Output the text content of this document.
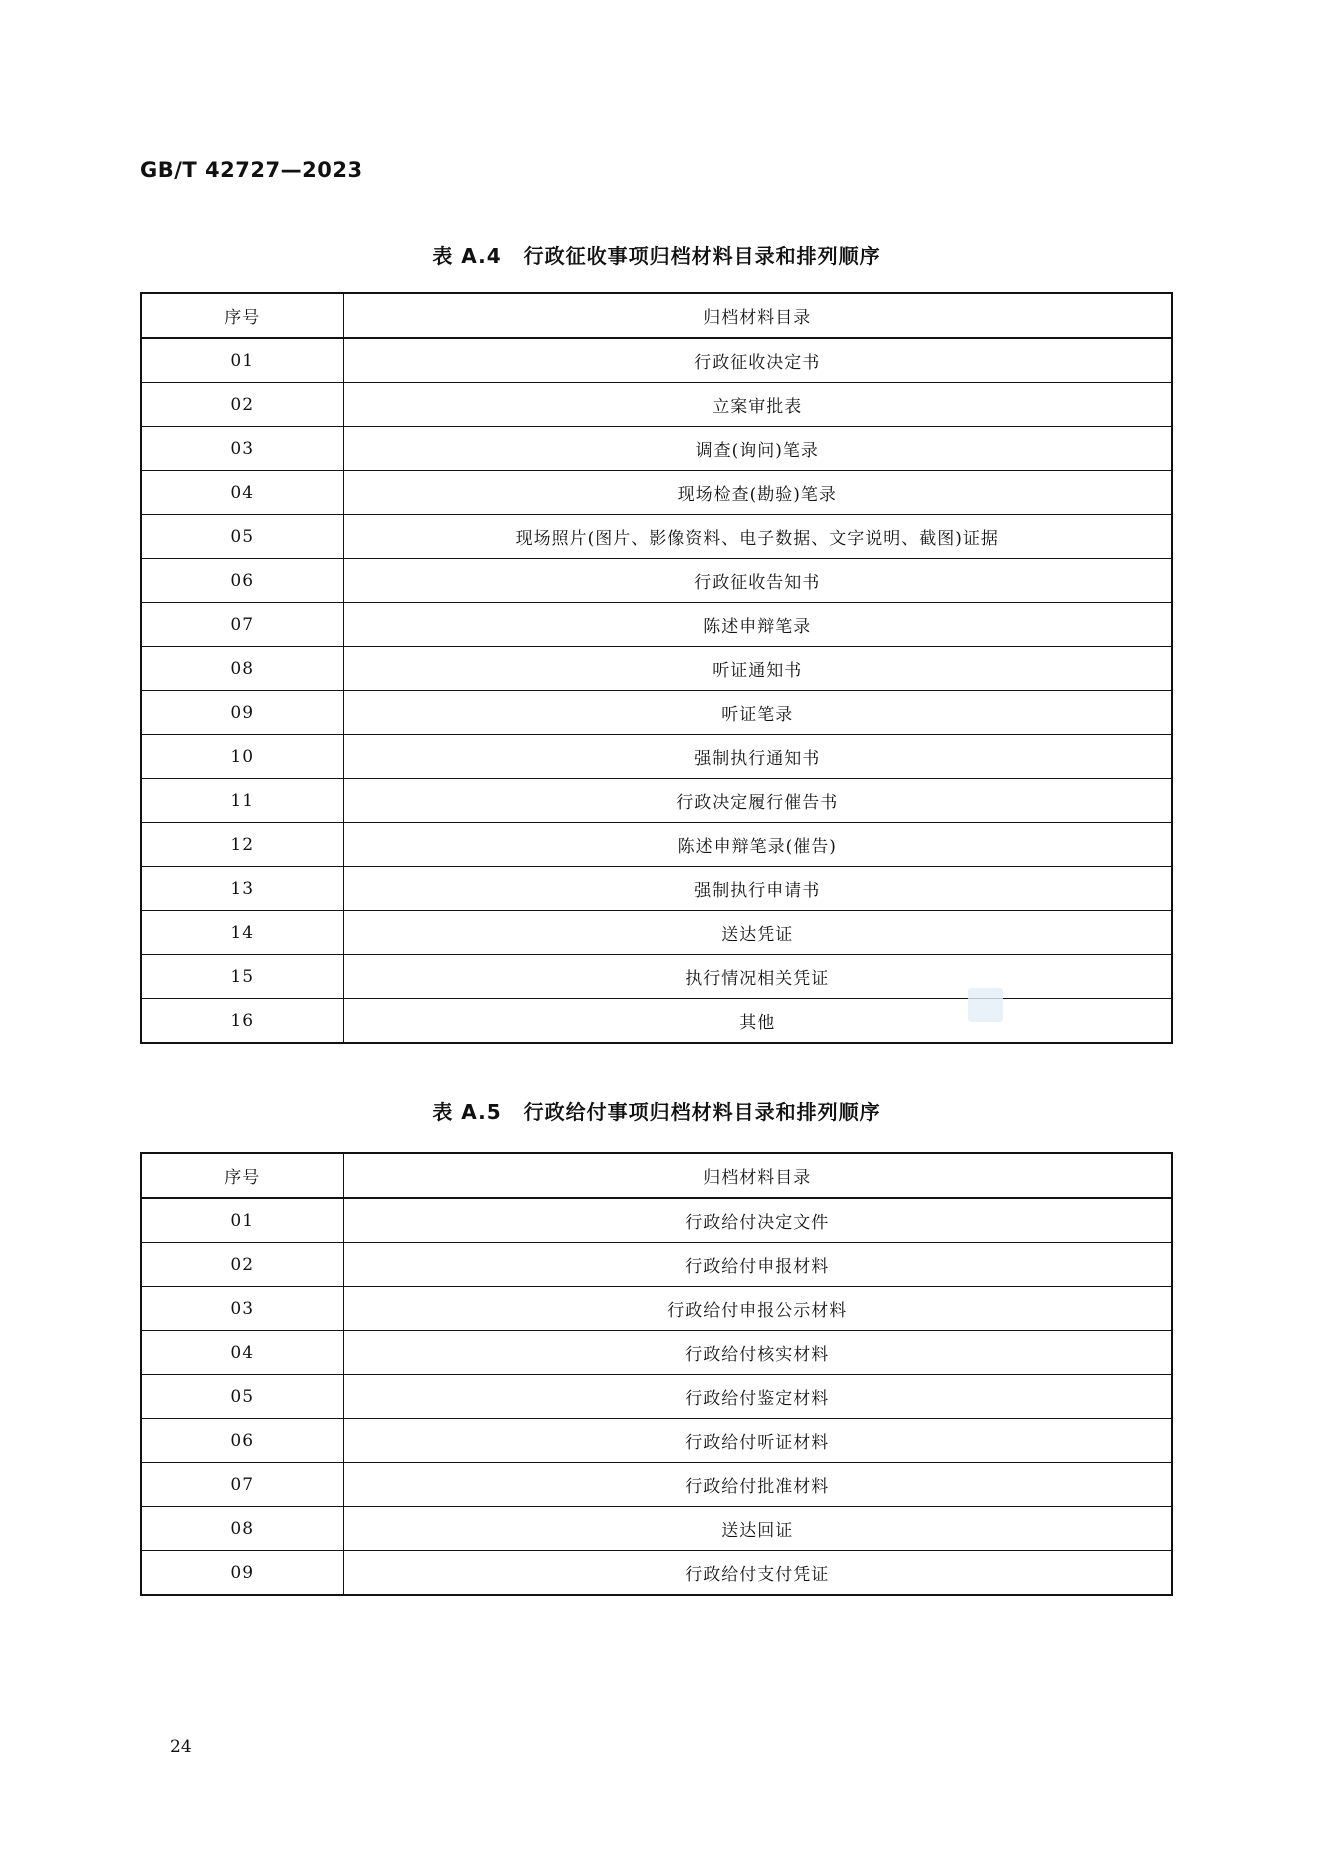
GB/T 42727—2023
表 A.4 行政征收事项归档材料目录和排列顺序
序号	归档材料目录
01	行政征收决定书
02	立案审批表
03	调查(询问)笔录
04	现场检查(勘验)笔录
05	现场照片(图片、影像资料、电子数据、文字说明、截图)证据
06	行政征收告知书
07	陈述申辩笔录
08	听证通知书
09	听证笔录
10	强制执行通知书
11	行政决定履行催告书
12	陈述申辩笔录(催告)
13	强制执行申请书
14	送达凭证
15	执行情况相关凭证
16	其他
表 A.5 行政给付事项归档材料目录和排列顺序
序号	归档材料目录
01	行政给付决定文件
02	行政给付申报材料
03	行政给付申报公示材料
04	行政给付核实材料
05	行政给付鉴定材料
06	行政给付听证材料
07	行政给付批准材料
08	送达回证
09	行政给付支付凭证
24
